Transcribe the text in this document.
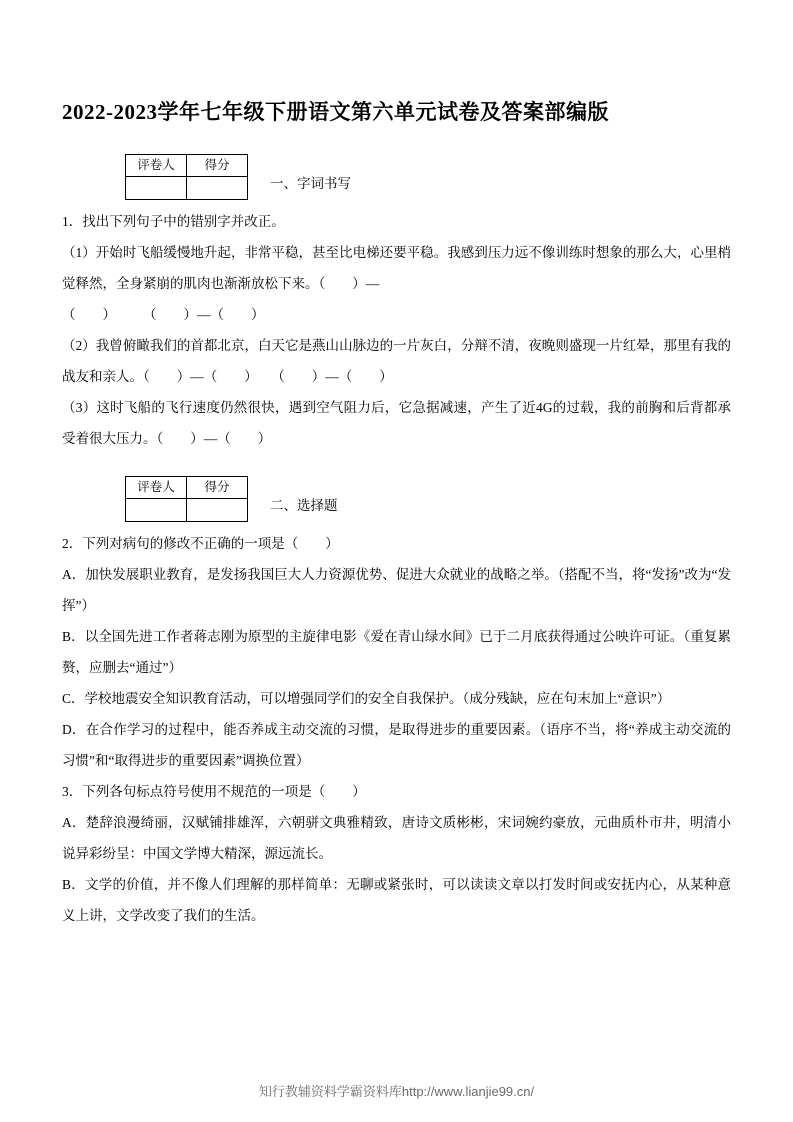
2022-2023学年七年级下册语文第六单元试卷及答案部编版
评卷人	得分

一、字词书写

1．找出下列句子中的错别字并改正。

（1）开始时飞船缓慢地升起，非常平稳，甚至比电梯还要平稳。我感到压力远不像训练时想象的那么大，心里梢觉释然，全身紧崩的肌肉也渐渐放松下来。（　　）—

（　　）　　　（　　）—（　　）

（2）我曾俯瞰我们的首都北京，白天它是燕山山脉边的一片灰白，分辩不清，夜晚则盛现一片红晕，那里有我的战友和亲人。（　　）—（　　）　　（　　）—（　　）

（3）这时飞船的飞行速度仍然很快，遇到空气阻力后，它急据减速，产生了近4G的过载，我的前胸和后背都承受着很大压力。（　　）—（　　）

评卷人	得分

二、选择题

2．下列对病句的修改不正确的一项是（　　）

A．加快发展职业教育，是发扬我国巨大人力资源优势、促进大众就业的战略之举。（搭配不当，将“发扬”改为“发挥”）

B．以全国先进工作者蒋志刚为原型的主旋律电影《爱在青山绿水间》已于二月底获得通过公映许可证。（重复累赘，应删去“通过”）

C．学校地震安全知识教育活动，可以增强同学们的安全自我保护。（成分残缺，应在句末加上“意识”）

D．在合作学习的过程中，能否养成主动交流的习惯，是取得进步的重要因素。（语序不当，将“养成主动交流的习惯”和“取得进步的重要因素”调换位置）

3．下列各句标点符号使用不规范的一项是（　　）

A．楚辞浪漫绮丽，汉赋铺排雄浑，六朝骈文典雅精致，唐诗文质彬彬，宋词婉约豪放，元曲质朴市井，明清小说异彩纷呈：中国文学博大精深，源远流长。

B．文学的价值，并不像人们理解的那样简单：无聊或紧张时，可以读读文章以打发时间或安抚内心，从某种意义上讲，文学改变了我们的生活。

知行教辅资料学霸资料库http://www.lianjie99.cn/
